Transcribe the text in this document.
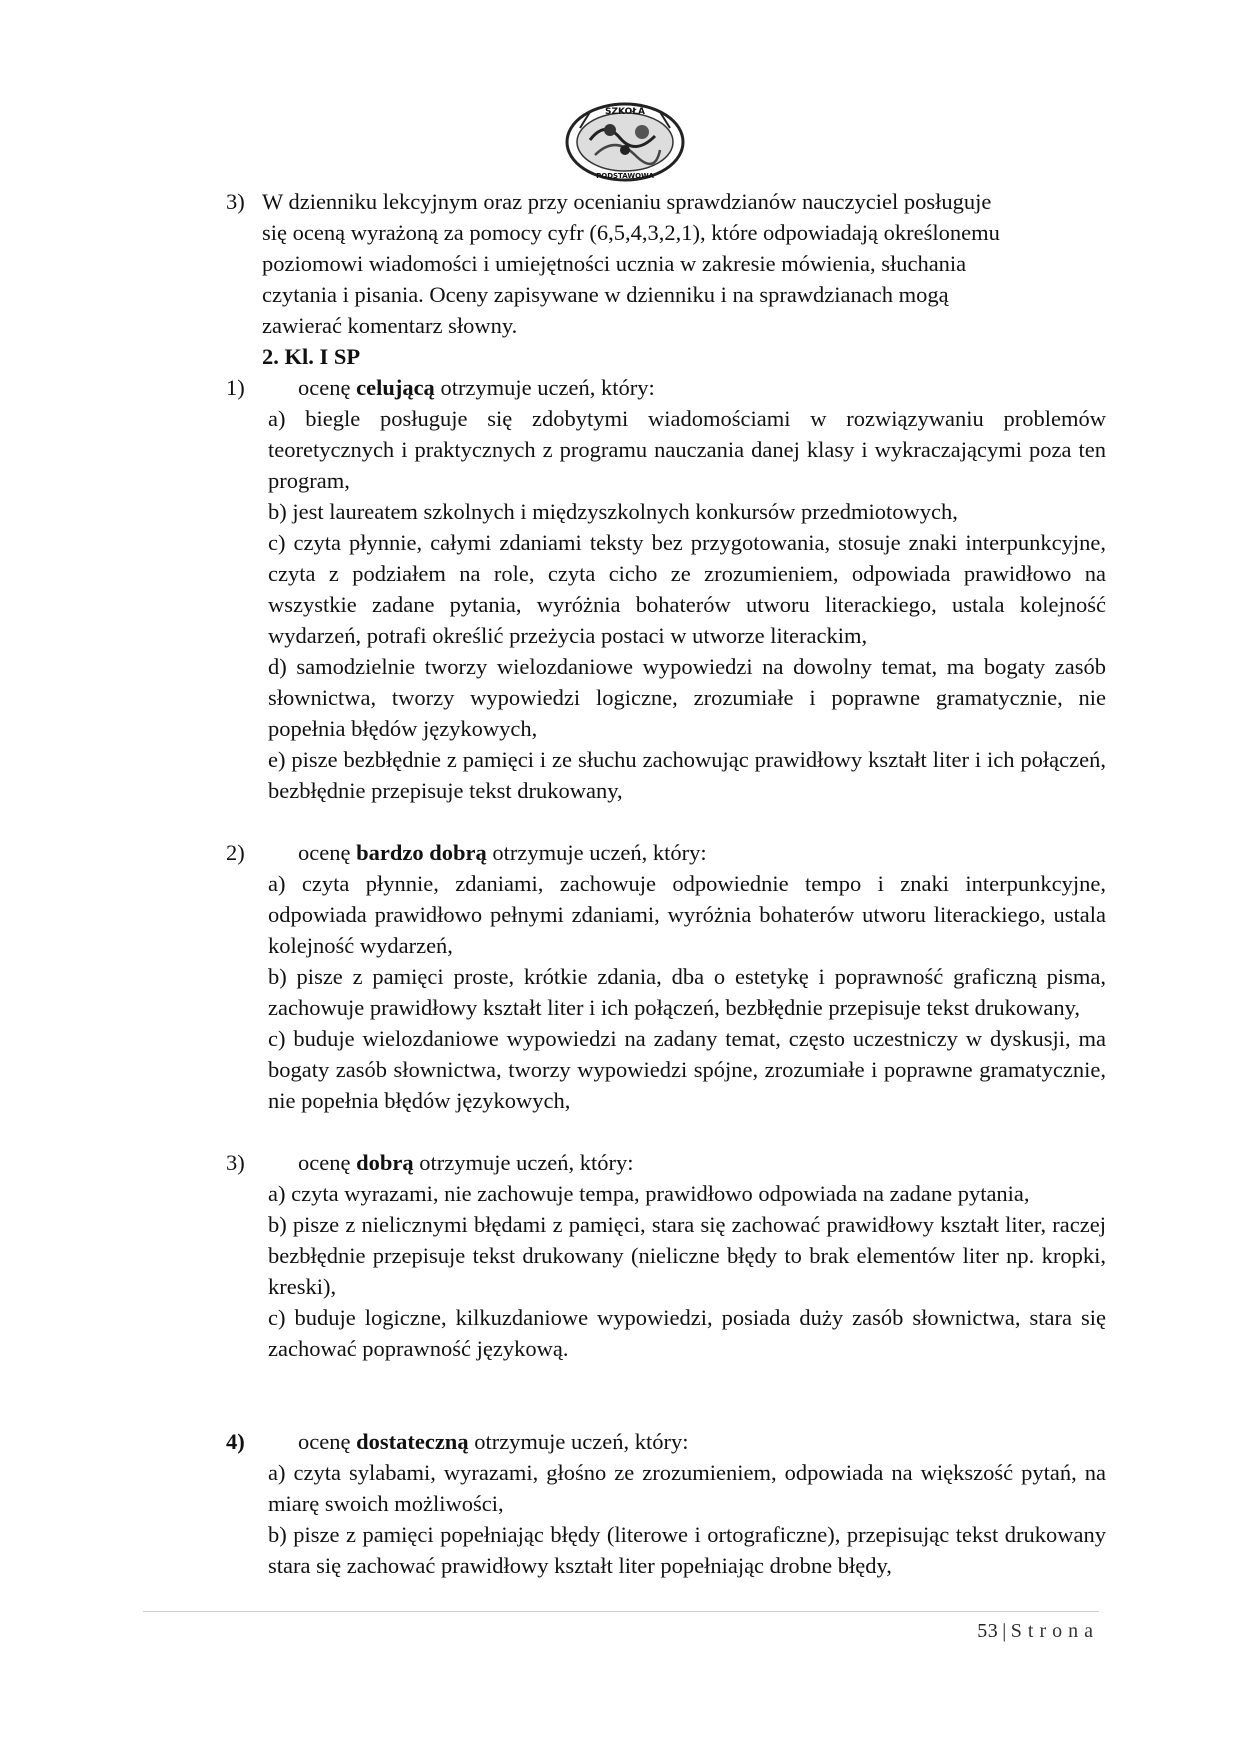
SZKOŁA
PODSTAWOWA
3) W dzienniku lekcyjnym oraz przy ocenianiu sprawdzianów nauczyciel posługuje
się oceną wyrażoną za pomocy cyfr (6,5,4,3,2,1), które odpowiadają określonemu
poziomowi wiadomości i umiejętności ucznia w zakresie mówienia, słuchania
czytania i pisania. Oceny zapisywane w dzienniku i na sprawdzianach mogą
zawierać komentarz słowny.
2. Kl. I SP
1) ocenę celującą otrzymuje uczeń, który:

a) biegle posługuje się zdobytymi wiadomościami w rozwiązywaniu problemów teoretycznych i praktycznych z programu nauczania danej klasy i wykraczającymi poza ten program,

b) jest laureatem szkolnych i międzyszkolnych konkursów przedmiotowych,

c) czyta płynnie, całymi zdaniami teksty bez przygotowania, stosuje znaki interpunkcyjne, czyta z podziałem na role, czyta cicho ze zrozumieniem, odpowiada prawidłowo na wszystkie zadane pytania, wyróżnia bohaterów utworu literackiego, ustala kolejność wydarzeń, potrafi określić przeżycia postaci w utworze literackim,

d) samodzielnie tworzy wielozdaniowe wypowiedzi na dowolny temat, ma bogaty zasób słownictwa, tworzy wypowiedzi logiczne, zrozumiałe i poprawne gramatycznie, nie popełnia błędów językowych,

e) pisze bezbłędnie z pamięci i ze słuchu zachowując prawidłowy kształt liter i ich połączeń, bezbłędnie przepisuje tekst drukowany,

2) ocenę bardzo dobrą otrzymuje uczeń, który:

a) czyta płynnie, zdaniami, zachowuje odpowiednie tempo i znaki interpunkcyjne, odpowiada prawidłowo pełnymi zdaniami, wyróżnia bohaterów utworu literackiego, ustala kolejność wydarzeń,

b) pisze z pamięci proste, krótkie zdania, dba o estetykę i poprawność graficzną pisma, zachowuje prawidłowy kształt liter i ich połączeń, bezbłędnie przepisuje tekst drukowany,

c) buduje wielozdaniowe wypowiedzi na zadany temat, często uczestniczy w dyskusji, ma bogaty zasób słownictwa, tworzy wypowiedzi spójne, zrozumiałe i poprawne gramatycznie, nie popełnia błędów językowych,

3) ocenę dobrą otrzymuje uczeń, który:

a) czyta wyrazami, nie zachowuje tempa, prawidłowo odpowiada na zadane pytania,

b) pisze z nielicznymi błędami z pamięci, stara się zachować prawidłowy kształt liter, raczej bezbłędnie przepisuje tekst drukowany (nieliczne błędy to brak elementów liter np. kropki, kreski),

c) buduje logiczne, kilkuzdaniowe wypowiedzi, posiada duży zasób słownictwa, stara się zachować poprawność językową.

4) ocenę dostateczną otrzymuje uczeń, który:

a) czyta sylabami, wyrazami, głośno ze zrozumieniem, odpowiada na większość pytań, na miarę swoich możliwości,

b) pisze z pamięci popełniając błędy (literowe i ortograficzne), przepisując tekst drukowany stara się zachować prawidłowy kształt liter popełniając drobne błędy,

53 | Strona
